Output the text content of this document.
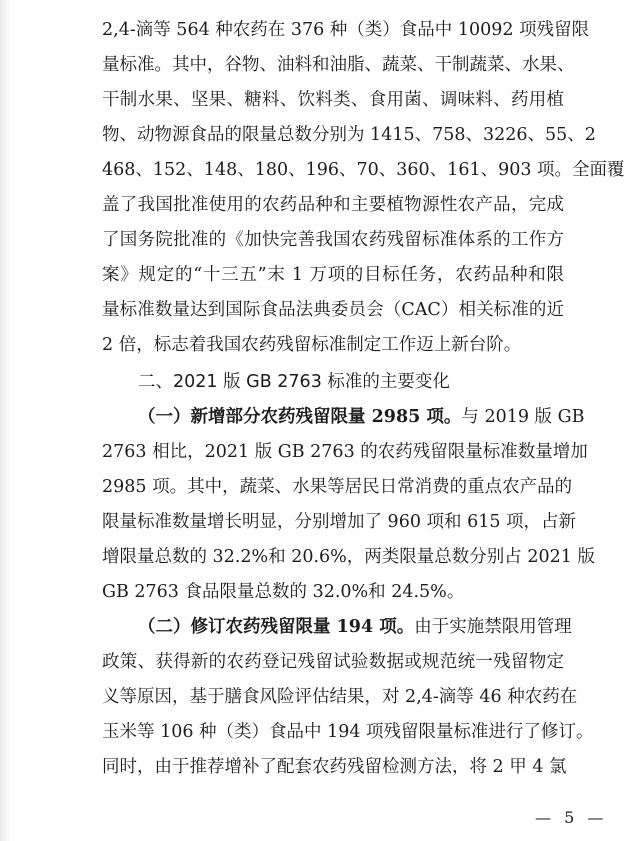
2,4-滴等 564 种农药在 376 种（类）食品中 10092 项残留限
量标准。其中，谷物、油料和油脂、蔬菜、干制蔬菜、水果、
干制水果、坚果、糖料、饮料类、食用菌、调味料、药用植
物、动物源食品的限量总数分别为 1415、758、3226、55、2
468、152、148、180、196、70、360、161、903 项。全面覆
盖了我国批准使用的农药品种和主要植物源性农产品，完成
了国务院批准的《加快完善我国农药残留标准体系的工作方
案》规定的“十三五”末 1 万项的目标任务，农药品种和限
量标准数量达到国际食品法典委员会（CAC）相关标准的近
2 倍，标志着我国农药残留标准制定工作迈上新台阶。
二、2021 版 GB 2763 标准的主要变化
（一）新增部分农药残留限量 2985 项。与 2019 版 GB
2763 相比，2021 版 GB 2763 的农药残留限量标准数量增加
2985 项。其中，蔬菜、水果等居民日常消费的重点农产品的
限量标准数量增长明显，分别增加了 960 项和 615 项，占新
增限量总数的 32.2%和 20.6%，两类限量总数分别占 2021 版
GB 2763 食品限量总数的 32.0%和 24.5%。
（二）修订农药残留限量 194 项。由于实施禁限用管理
政策、获得新的农药登记残留试验数据或规范统一残留物定
义等原因，基于膳食风险评估结果，对 2,4-滴等 46 种农药在
玉米等 106 种（类）食品中 194 项残留限量标准进行了修订。
同时，由于推荐增补了配套农药残留检测方法，将 2 甲 4 氯
— 5 —
